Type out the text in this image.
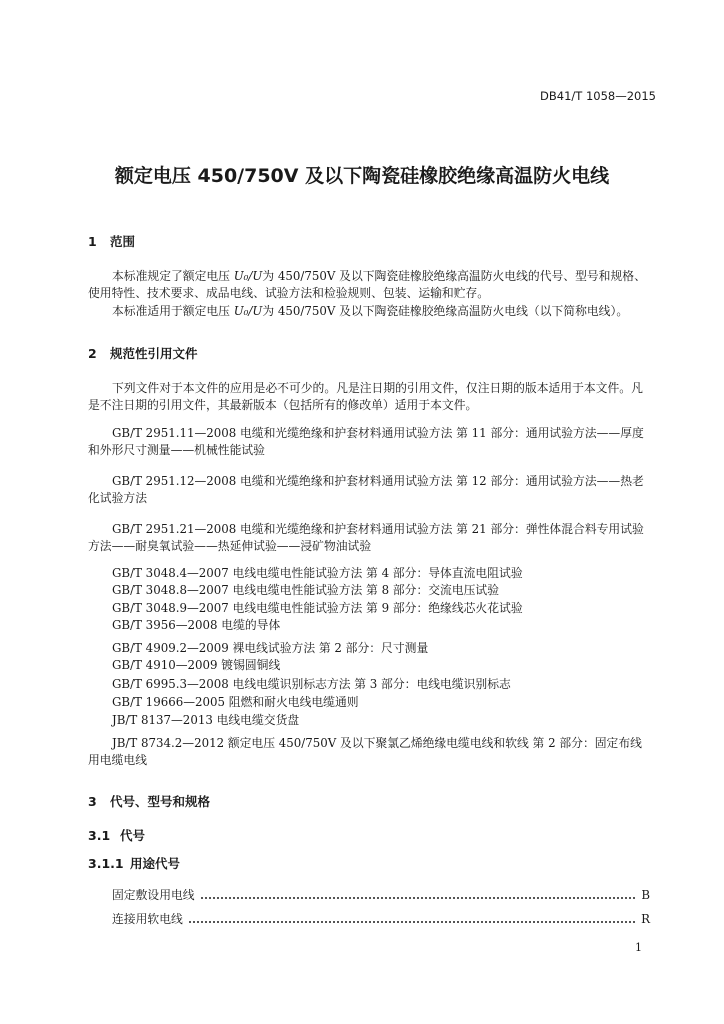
DB41/T 1058—2015
额定电压 450/750V 及以下陶瓷硅橡胶绝缘高温防火电线
1 范围
本标准规定了额定电压 U₀/U为 450/750V 及以下陶瓷硅橡胶绝缘高温防火电线的代号、型号和规格、使用特性、技术要求、成品电线、试验方法和检验规则、包装、运输和贮存。
本标准适用于额定电压 U₀/U为 450/750V 及以下陶瓷硅橡胶绝缘高温防火电线（以下简称电线）。
2 规范性引用文件
下列文件对于本文件的应用是必不可少的。凡是注日期的引用文件，仅注日期的版本适用于本文件。凡是不注日期的引用文件，其最新版本（包括所有的修改单）适用于本文件。
GB/T 2951.11—2008 电缆和光缆绝缘和护套材料通用试验方法 第 11 部分：通用试验方法——厚度和外形尺寸测量——机械性能试验
GB/T 2951.12—2008 电缆和光缆绝缘和护套材料通用试验方法 第 12 部分：通用试验方法——热老化试验方法
GB/T 2951.21—2008 电缆和光缆绝缘和护套材料通用试验方法 第 21 部分：弹性体混合料专用试验方法——耐臭氧试验——热延伸试验——浸矿物油试验
GB/T 3048.4—2007 电线电缆电性能试验方法 第 4 部分：导体直流电阻试验
GB/T 3048.8—2007 电线电缆电性能试验方法 第 8 部分：交流电压试验
GB/T 3048.9—2007 电线电缆电性能试验方法 第 9 部分：绝缘线芯火花试验
GB/T 3956—2008 电缆的导体
GB/T 4909.2—2009 裸电线试验方法 第 2 部分：尺寸测量
GB/T 4910—2009 镀锡圆铜线
GB/T 6995.3—2008 电线电缆识别标志方法 第 3 部分：电线电缆识别标志
GB/T 19666—2005 阻燃和耐火电线电缆通则
JB/T 8137—2013 电线电缆交货盘
JB/T 8734.2—2012 额定电压 450/750V 及以下聚氯乙烯绝缘电缆电线和软线 第 2 部分：固定布线用电缆电线
3 代号、型号和规格
3.1 代号
3.1.1 用途代号
固定敷设用电线	B
连接用软电线	R
1
